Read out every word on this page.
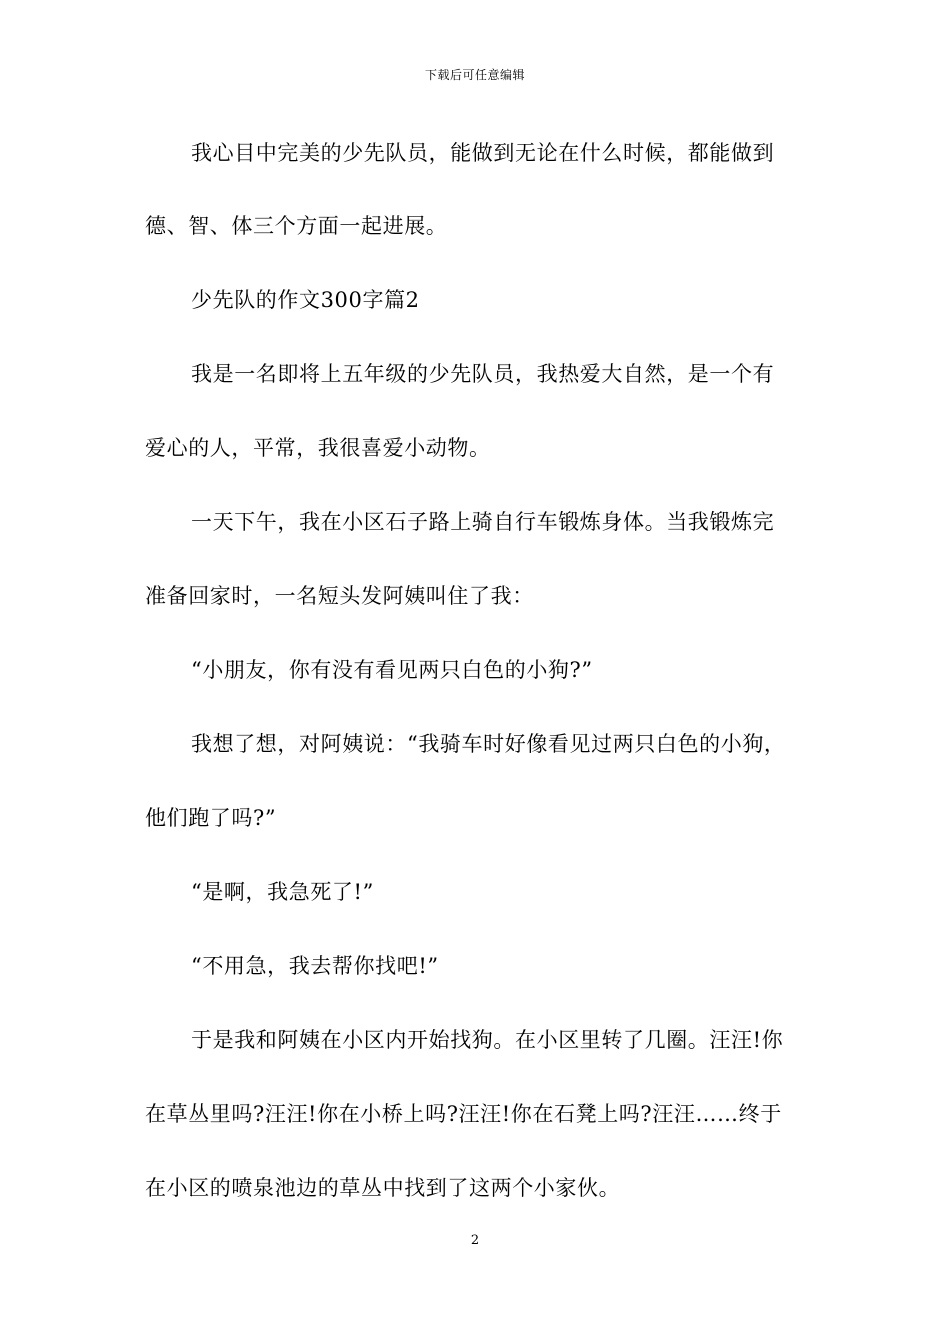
下载后可任意编辑
我心目中完美的少先队员，能做到无论在什么时候，都能做到
德、智、体三个方面一起进展。
少先队的作文300字篇2
我是一名即将上五年级的少先队员，我热爱大自然，是一个有
爱心的人，平常，我很喜爱小动物。
一天下午，我在小区石子路上骑自行车锻炼身体。当我锻炼完
准备回家时，一名短头发阿姨叫住了我：
“小朋友，你有没有看见两只白色的小狗?”
我想了想，对阿姨说：“我骑车时好像看见过两只白色的小狗，
他们跑了吗?”
“是啊，我急死了!”
“不用急，我去帮你找吧!”
于是我和阿姨在小区内开始找狗。在小区里转了几圈。汪汪!你
在草丛里吗?汪汪!你在小桥上吗?汪汪!你在石凳上吗?汪汪……终于
在小区的喷泉池边的草丛中找到了这两个小家伙。
2
